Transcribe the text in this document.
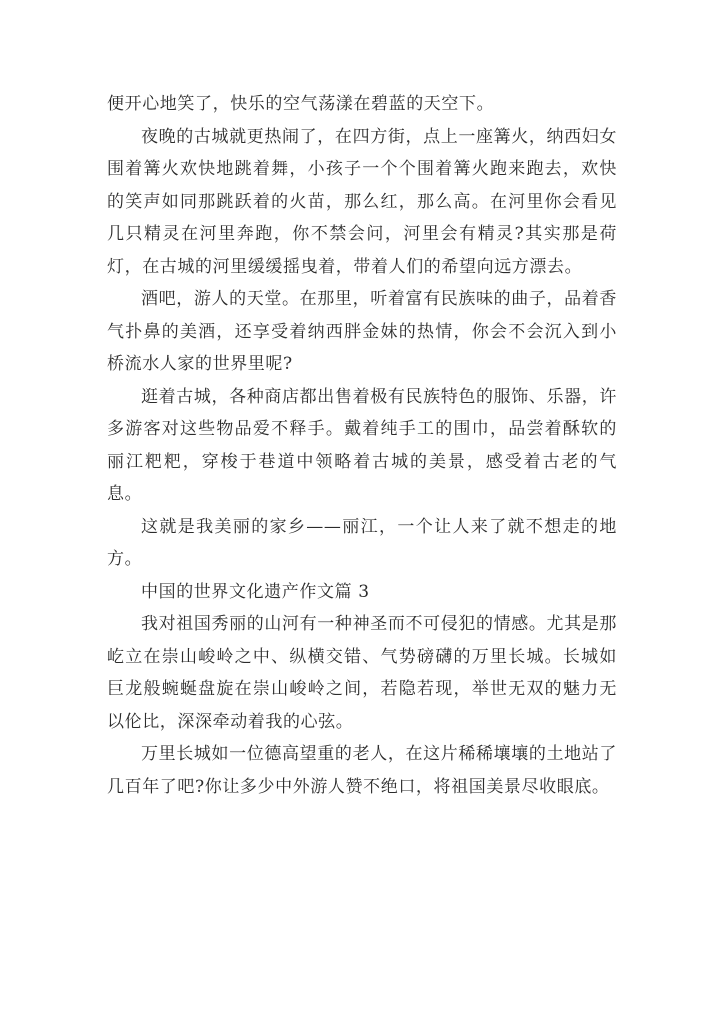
便开心地笑了，快乐的空气荡漾在碧蓝的天空下。

夜晚的古城就更热闹了，在四方街，点上一座篝火，纳西妇女围着篝火欢快地跳着舞，小孩子一个个围着篝火跑来跑去，欢快的笑声如同那跳跃着的火苗，那么红，那么高。在河里你会看见几只精灵在河里奔跑，你不禁会问，河里会有精灵?其实那是荷灯，在古城的河里缓缓摇曳着，带着人们的希望向远方漂去。

酒吧，游人的天堂。在那里，听着富有民族味的曲子，品着香气扑鼻的美酒，还享受着纳西胖金妹的热情，你会不会沉入到小桥流水人家的世界里呢?

逛着古城，各种商店都出售着极有民族特色的服饰、乐器，许多游客对这些物品爱不释手。戴着纯手工的围巾，品尝着酥软的丽江粑粑，穿梭于巷道中领略着古城的美景，感受着古老的气息。

这就是我美丽的家乡——丽江，一个让人来了就不想走的地方。

中国的世界文化遗产作文篇 3

我对祖国秀丽的山河有一种神圣而不可侵犯的情感。尤其是那屹立在崇山峻岭之中、纵横交错、气势磅礴的万里长城。长城如巨龙般蜿蜒盘旋在崇山峻岭之间，若隐若现，举世无双的魅力无以伦比，深深牵动着我的心弦。

万里长城如一位德高望重的老人，在这片稀稀壤壤的土地站了几百年了吧?你让多少中外游人赞不绝口，将祖国美景尽收眼底。
